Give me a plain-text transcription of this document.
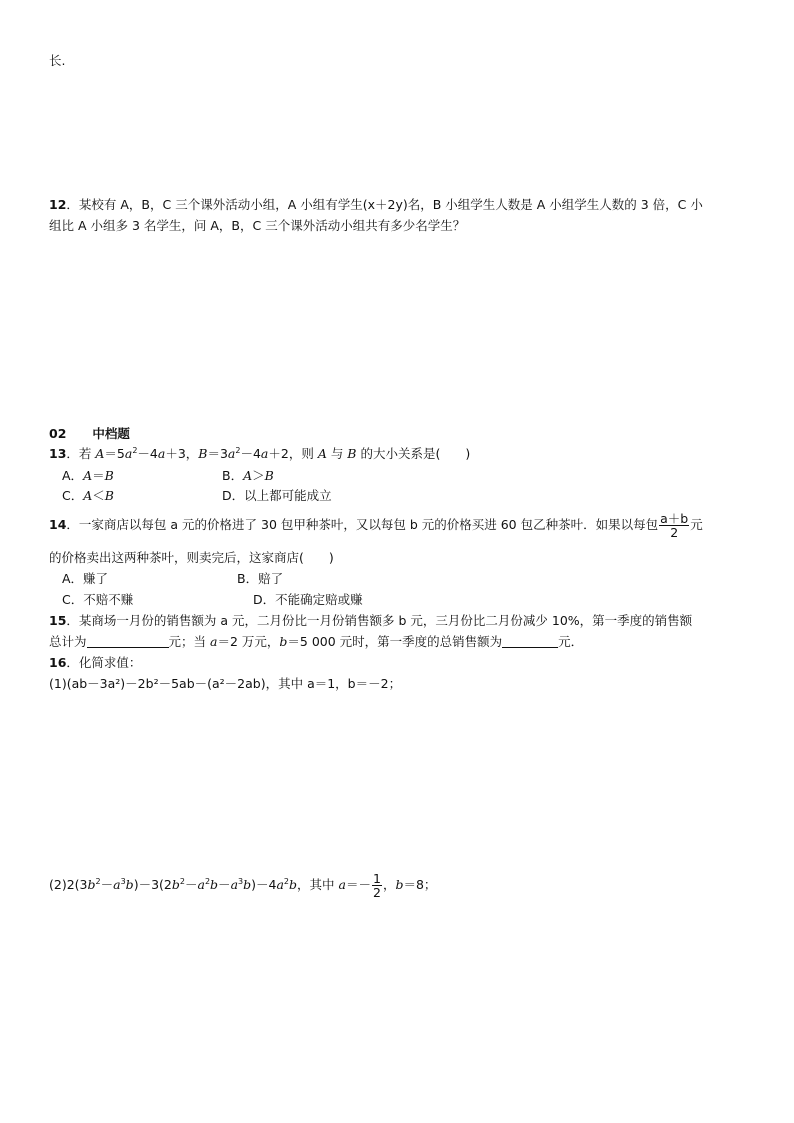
长.
12．某校有 A，B，C 三个课外活动小组，A 小组有学生(x＋2y)名，B 小组学生人数是 A 小组学生人数的 3 倍，C 小
组比 A 小组多 3 名学生，问 A，B，C 三个课外活动小组共有多少名学生？
02 中档题
13．若 $A=5a^2-4a+3$，$B=3a^2-4a+2$，则 A 与 B 的大小关系是(　　)
A．A＝B	B．A＞B
C．A＜B	D．以上都可能成立
14．一家商店以每包 a 元的价格进了 30 包甲种茶叶，又以每包 b 元的价格买进 60 包乙种茶叶．如果以每包 $\frac{a+b}{2}$ 元
的价格卖出这两种茶叶，则卖完后，这家商店(　　)
A．赚了	B．赔了
C．不赔不赚	D．不能确定赔或赚
15．某商场一月份的销售额为 a 元，二月份比一月份销售额多 b 元，三月份比二月份减少 10%，第一季度的销售额
总计为	元；当 a＝2 万元，b＝5 000 元时，第一季度的总销售额为	元．
16．化简求值：
(1)(ab－3a²)－2b²－5ab－(a²－2ab)，其中 a＝1，b＝－2；
$(2)2(3b^2-a^3b)-3(2b^2-a^2b-a^3b)-4a^2b$，其中 $a=- \frac{1}{2}$ ，b＝8；
